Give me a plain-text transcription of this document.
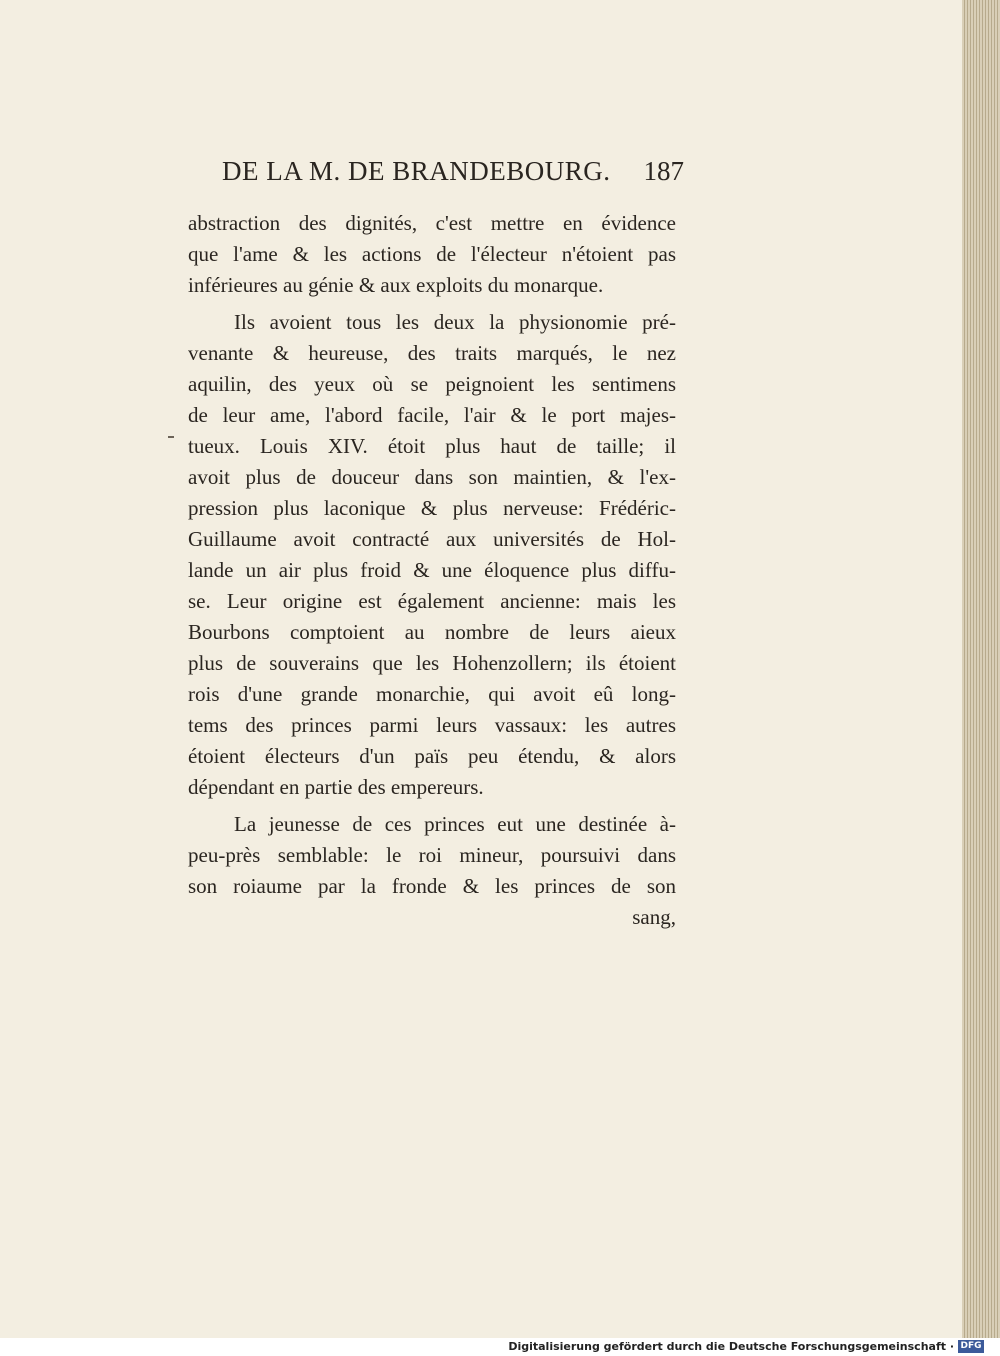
DE LA M. DE BRANDEBOURG. 187
abstraction des dignités, c'est mettre en évidence
que l'ame & les actions de l'électeur n'étoient pas
inférieures au génie & aux exploits du monarque.
Ils avoient tous les deux la physionomie pré-
venante & heureuse, des traits marqués, le nez
aquilin, des yeux où se peignoient les sentimens
de leur ame, l'abord facile, l'air & le port majes-
tueux. Louis XIV. étoit plus haut de taille; il
avoit plus de douceur dans son maintien, & l'ex-
pression plus laconique & plus nerveuse: Frédéric-
Guillaume avoit contracté aux universités de Hol-
lande un air plus froid & une éloquence plus diffu-
se. Leur origine est également ancienne: mais les
Bourbons comptoient au nombre de leurs aieux
plus de souverains que les Hohenzollern; ils étoient
rois d'une grande monarchie, qui avoit eû long-
tems des princes parmi leurs vassaux: les autres
étoient électeurs d'un païs peu étendu, & alors
dépendant en partie des empereurs.
La jeunesse de ces princes eut une destinée à-
peu-près semblable: le roi mineur, poursuivi dans
son roiaume par la fronde & les princes de son
sang,
Digitalisierung gefördert durch die Deutsche Forschungsgemeinschaft · DFG
